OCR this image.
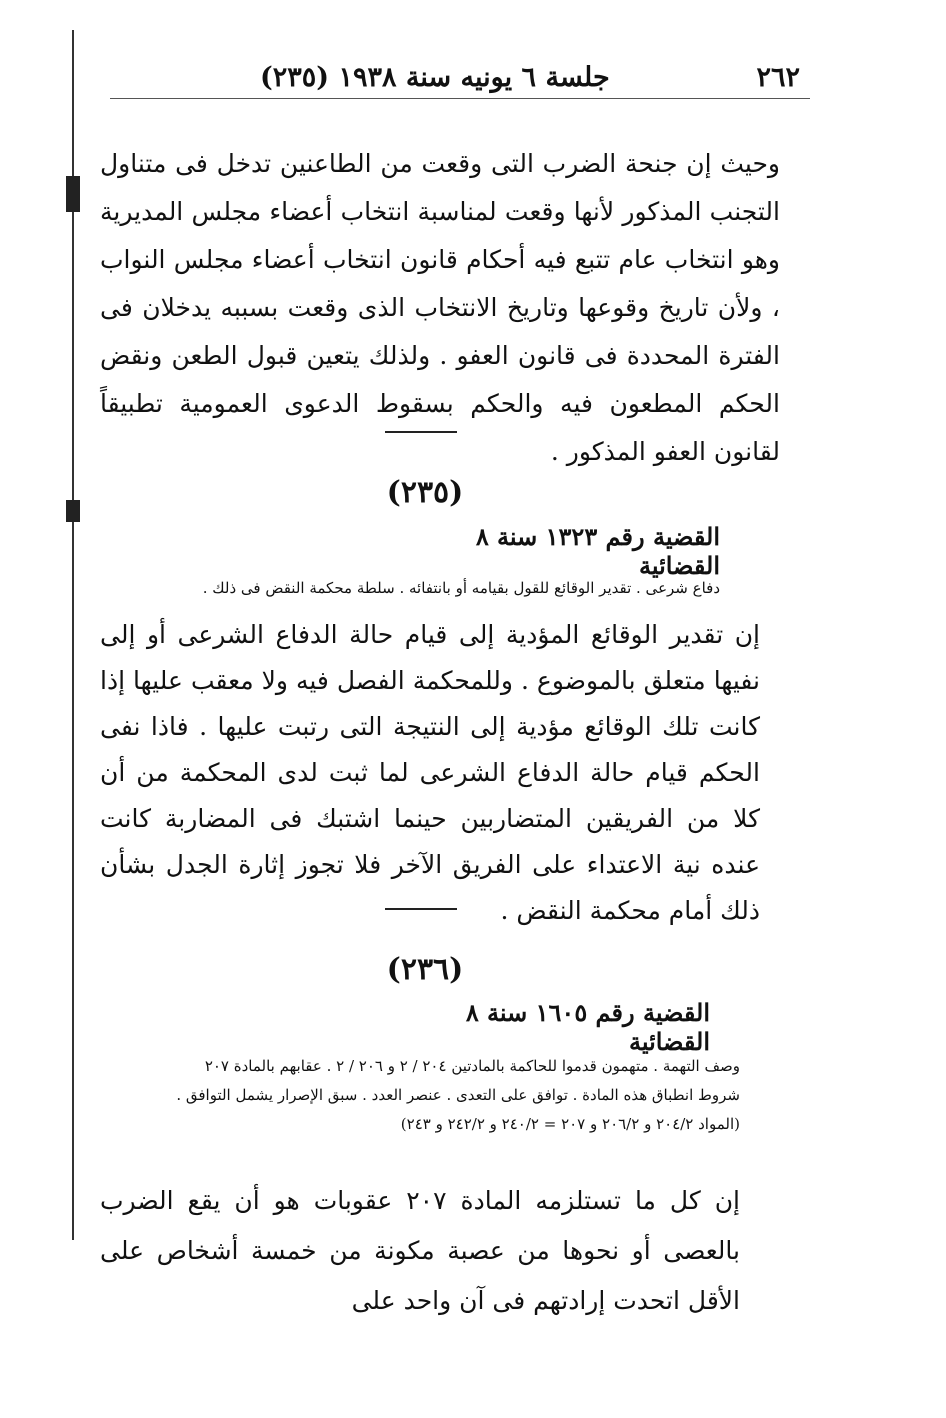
٢٦٢
جلسة ٦ يونيه سنة ١٩٣٨ (٢٣٥)
وحيث إن جنحة الضرب التى وقعت من الطاعنين تدخل فى متناول التجنب المذكور لأنها وقعت لمناسبة انتخاب أعضاء مجلس المديرية وهو انتخاب عام تتبع فيه أحكام قانون انتخاب أعضاء مجلس النواب ، ولأن تاريخ وقوعها وتاريخ الانتخاب الذى وقعت بسببه يدخلان فى الفترة المحددة فى قانون العفو . ولذلك يتعين قبول الطعن ونقض الحكم المطعون فيه والحكم بسقوط الدعوى العمومية تطبيقاً لقانون العفو المذكور .
(٢٣٥)
القضية رقم ١٣٢٣ سنة ٨ القضائية
دفاع شرعى . تقدير الوقائع للقول بقيامه أو بانتفائه . سلطة محكمة النقض فى ذلك .
إن تقدير الوقائع المؤدية إلى قيام حالة الدفاع الشرعى أو إلى نفيها متعلق بالموضوع . وللمحكمة الفصل فيه ولا معقب عليها إذا كانت تلك الوقائع مؤدية إلى النتيجة التى رتبت عليها . فاذا نفى الحكم قيام حالة الدفاع الشرعى لما ثبت لدى المحكمة من أن كلا من الفريقين المتضاربين حينما اشتبك فى المضاربة كانت عنده نية الاعتداء على الفريق الآخر فلا تجوز إثارة الجدل بشأن ذلك أمام محكمة النقض .
(٢٣٦)
القضية رقم ١٦٠٥ سنة ٨ القضائية
وصف التهمة . متهمون قدموا للحاكمة بالمادتين ٢٠٤ / ٢ و ٢٠٦ / ٢ . عقابهم بالمادة ٢٠٧
شروط انطباق هذه المادة . توافق على التعدى . عنصر العدد . سبق الإصرار يشمل التوافق .
(المواد ٢٠٤/٢ و ٢٠٦/٢ و ٢٠٧ = ٢٤٠/٢ و ٢٤٢/٢ و ٢٤٣)
إن كل ما تستلزمه المادة ٢٠٧ عقوبات هو أن يقع الضرب بالعصى أو نحوها من عصبة مكونة من خمسة أشخاص على الأقل اتحدت إرادتهم فى آن واحد على
